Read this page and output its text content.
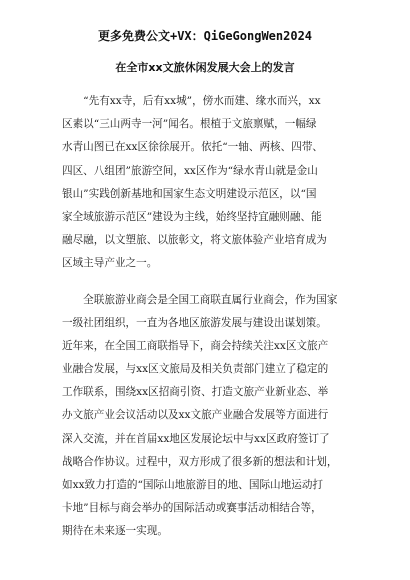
更多免费公文+VX：QiGeGongWen2024
在全市xx文旅休闲发展大会上的发言
　　“先有xx寺，后有xx城”，傍水而建、缘水而兴，xx
区素以“三山两寺一河”闻名。根植于文旅禀赋，一幅绿
水青山图已在xx区徐徐展开。依托“一轴、两核、四带、
四区、八组团”旅游空间，xx区作为“绿水青山就是金山
银山”实践创新基地和国家生态文明建设示范区，以“国
家全域旅游示范区”建设为主线，始终坚持宜融则融、能
融尽融，以文塑旅、以旅彰文，将文旅体验产业培育成为
区域主导产业之一。
　　全联旅游业商会是全国工商联直属行业商会，作为国家
一级社团组织，一直为各地区旅游发展与建设出谋划策。
近年来，在全国工商联指导下，商会持续关注xx区文旅产
业融合发展，与xx区文旅局及相关负责部门建立了稳定的
工作联系，围绕xx区招商引资、打造文旅产业新业态、举
办文旅产业会议活动以及xx文旅产业融合发展等方面进行
深入交流，并在首届xx地区发展论坛中与xx区政府签订了
战略合作协议。过程中，双方形成了很多新的想法和计划，
如xx致力打造的“国际山地旅游目的地、国际山地运动打
卡地”目标与商会举办的国际活动或赛事活动相结合等，
期待在未来逐一实现。
